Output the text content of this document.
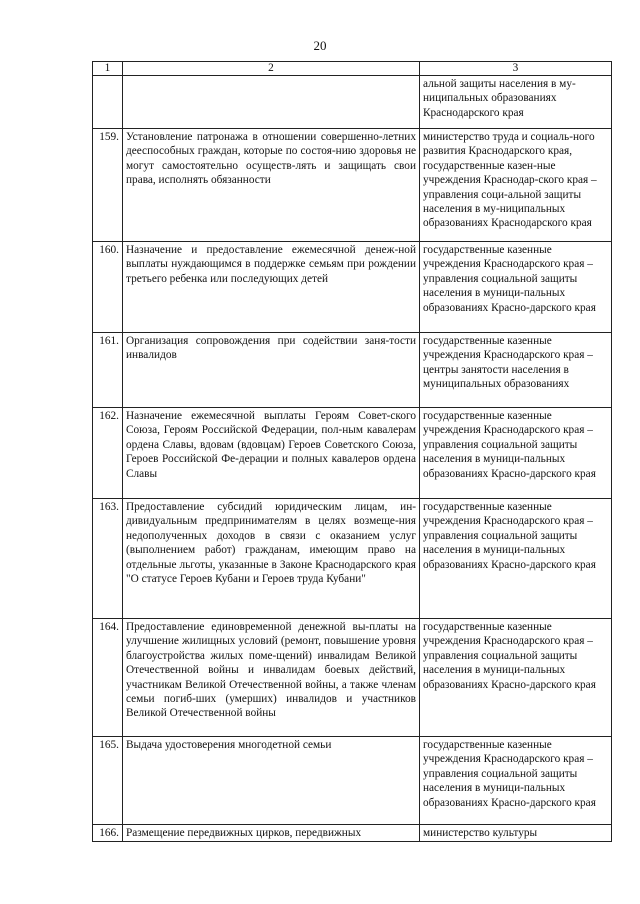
20
1	2	3
		альной защиты населения в му-ниципальных образованиях Краснодарского края
159.	Установление патронажа в отношении совершенно-летних дееспособных граждан, которые по состоя-нию здоровья не могут самостоятельно осуществ-лять и защищать свои права, исполнять обязанности	министерство труда и социаль-ного развития Краснодарского края, государственные казен-ные учреждения Краснодар-ского края – управления соци-альной защиты населения в му-ниципальных образованиях Краснодарского края
160.	Назначение и предоставление ежемесячной денеж-ной выплаты нуждающимся в поддержке семьям при рождении третьего ребенка или последующих детей	государственные казенные учреждения Краснодарского края – управления социальной защиты населения в муници-пальных образованиях Красно-дарского края
161.	Организация сопровождения при содействии заня-тости инвалидов	государственные казенные учреждения Краснодарского края – центры занятости населения в муниципальных образованиях
162.	Назначение ежемесячной выплаты Героям Совет-ского Союза, Героям Российской Федерации, пол-ным кавалерам ордена Славы, вдовам (вдовцам) Героев Советского Союза, Героев Российской Фе-дерации и полных кавалеров ордена Славы	государственные казенные учреждения Краснодарского края – управления социальной защиты населения в муници-пальных образованиях Красно-дарского края
163.	Предоставление субсидий юридическим лицам, ин-дивидуальным предпринимателям в целях возмеще-ния недополученных доходов в связи с оказанием услуг (выполнением работ) гражданам, имеющим право на отдельные льготы, указанные в Законе Краснодарского края "О статусе Героев Кубани и Героев труда Кубани"	государственные казенные учреждения Краснодарского края – управления социальной защиты населения в муници-пальных образованиях Красно-дарского края
164.	Предоставление единовременной денежной вы-платы на улучшение жилищных условий (ремонт, повышение уровня благоустройства жилых поме-щений) инвалидам Великой Отечественной войны и инвалидам боевых действий, участникам Великой Отечественной войны, а также членам семьи погиб-ших (умерших) инвалидов и участников Великой Отечественной войны	государственные казенные учреждения Краснодарского края – управления социальной защиты населения в муници-пальных образованиях Красно-дарского края
165.	Выдача удостоверения многодетной семьи	государственные казенные учреждения Краснодарского края – управления социальной защиты населения в муници-пальных образованиях Красно-дарского края
166.	Размещение передвижных цирков, передвижных	министерство культуры
